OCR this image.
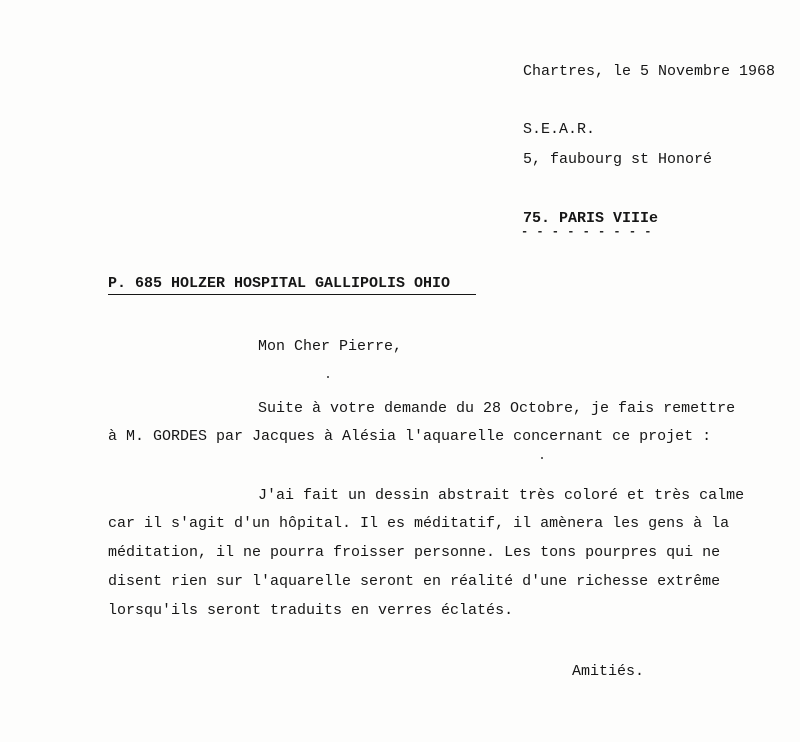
Chartres, le 5 Novembre 1968
S.E.A.R.
5, faubourg st Honoré
75. PARIS VIIIe
- - - - - - - - -
P. 685 HOLZER HOSPITAL GALLIPOLIS OHIO
Mon Cher Pierre,
Suite à votre demande du 28 Octobre, je fais remettre
à M. GORDES par Jacques à Alésia l'aquarelle concernant ce projet :
J'ai fait un dessin abstrait très coloré et très calme
car il s'agit d'un hôpital. Il es méditatif, il amènera les gens à la
méditation, il ne pourra froisser personne. Les tons pourpres qui ne
disent rien sur l'aquarelle seront en réalité d'une richesse extrême
lorsqu'ils seront traduits en verres éclatés.
Amitiés.
